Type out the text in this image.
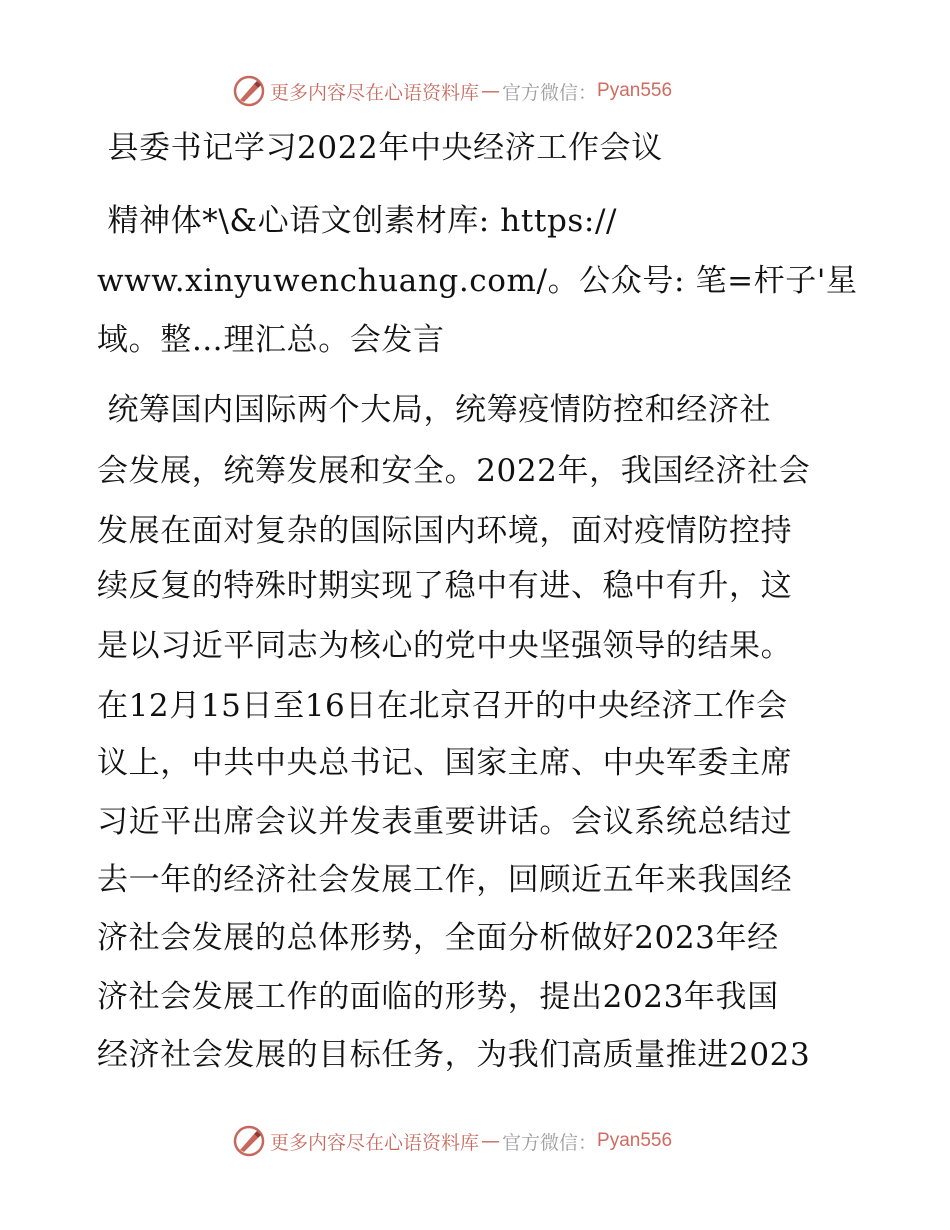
更多内容尽在心语资料库 — 官方微信： Pyan556

县委书记学习2022年中央经济工作会议

精神体*\&心语文创素材库: https://

www.xinyuwenchuang.com/。公众号: 笔=杆子'星

域。整…理汇总。会发言

统筹国内国际两个大局，统筹疫情防控和经济社

会发展，统筹发展和安全。2022年，我国经济社会

发展在面对复杂的国际国内环境，面对疫情防控持

续反复的特殊时期实现了稳中有进、稳中有升，这

是以习近平同志为核心的党中央坚强领导的结果。

在12月15日至16日在北京召开的中央经济工作会

议上，中共中央总书记、国家主席、中央军委主席

习近平出席会议并发表重要讲话。会议系统总结过

去一年的经济社会发展工作，回顾近五年来我国经

济社会发展的总体形势，全面分析做好2023年经

济社会发展工作的面临的形势，提出2023年我国

经济社会发展的目标任务，为我们高质量推进2023

更多内容尽在心语资料库 — 官方微信： Pyan556
